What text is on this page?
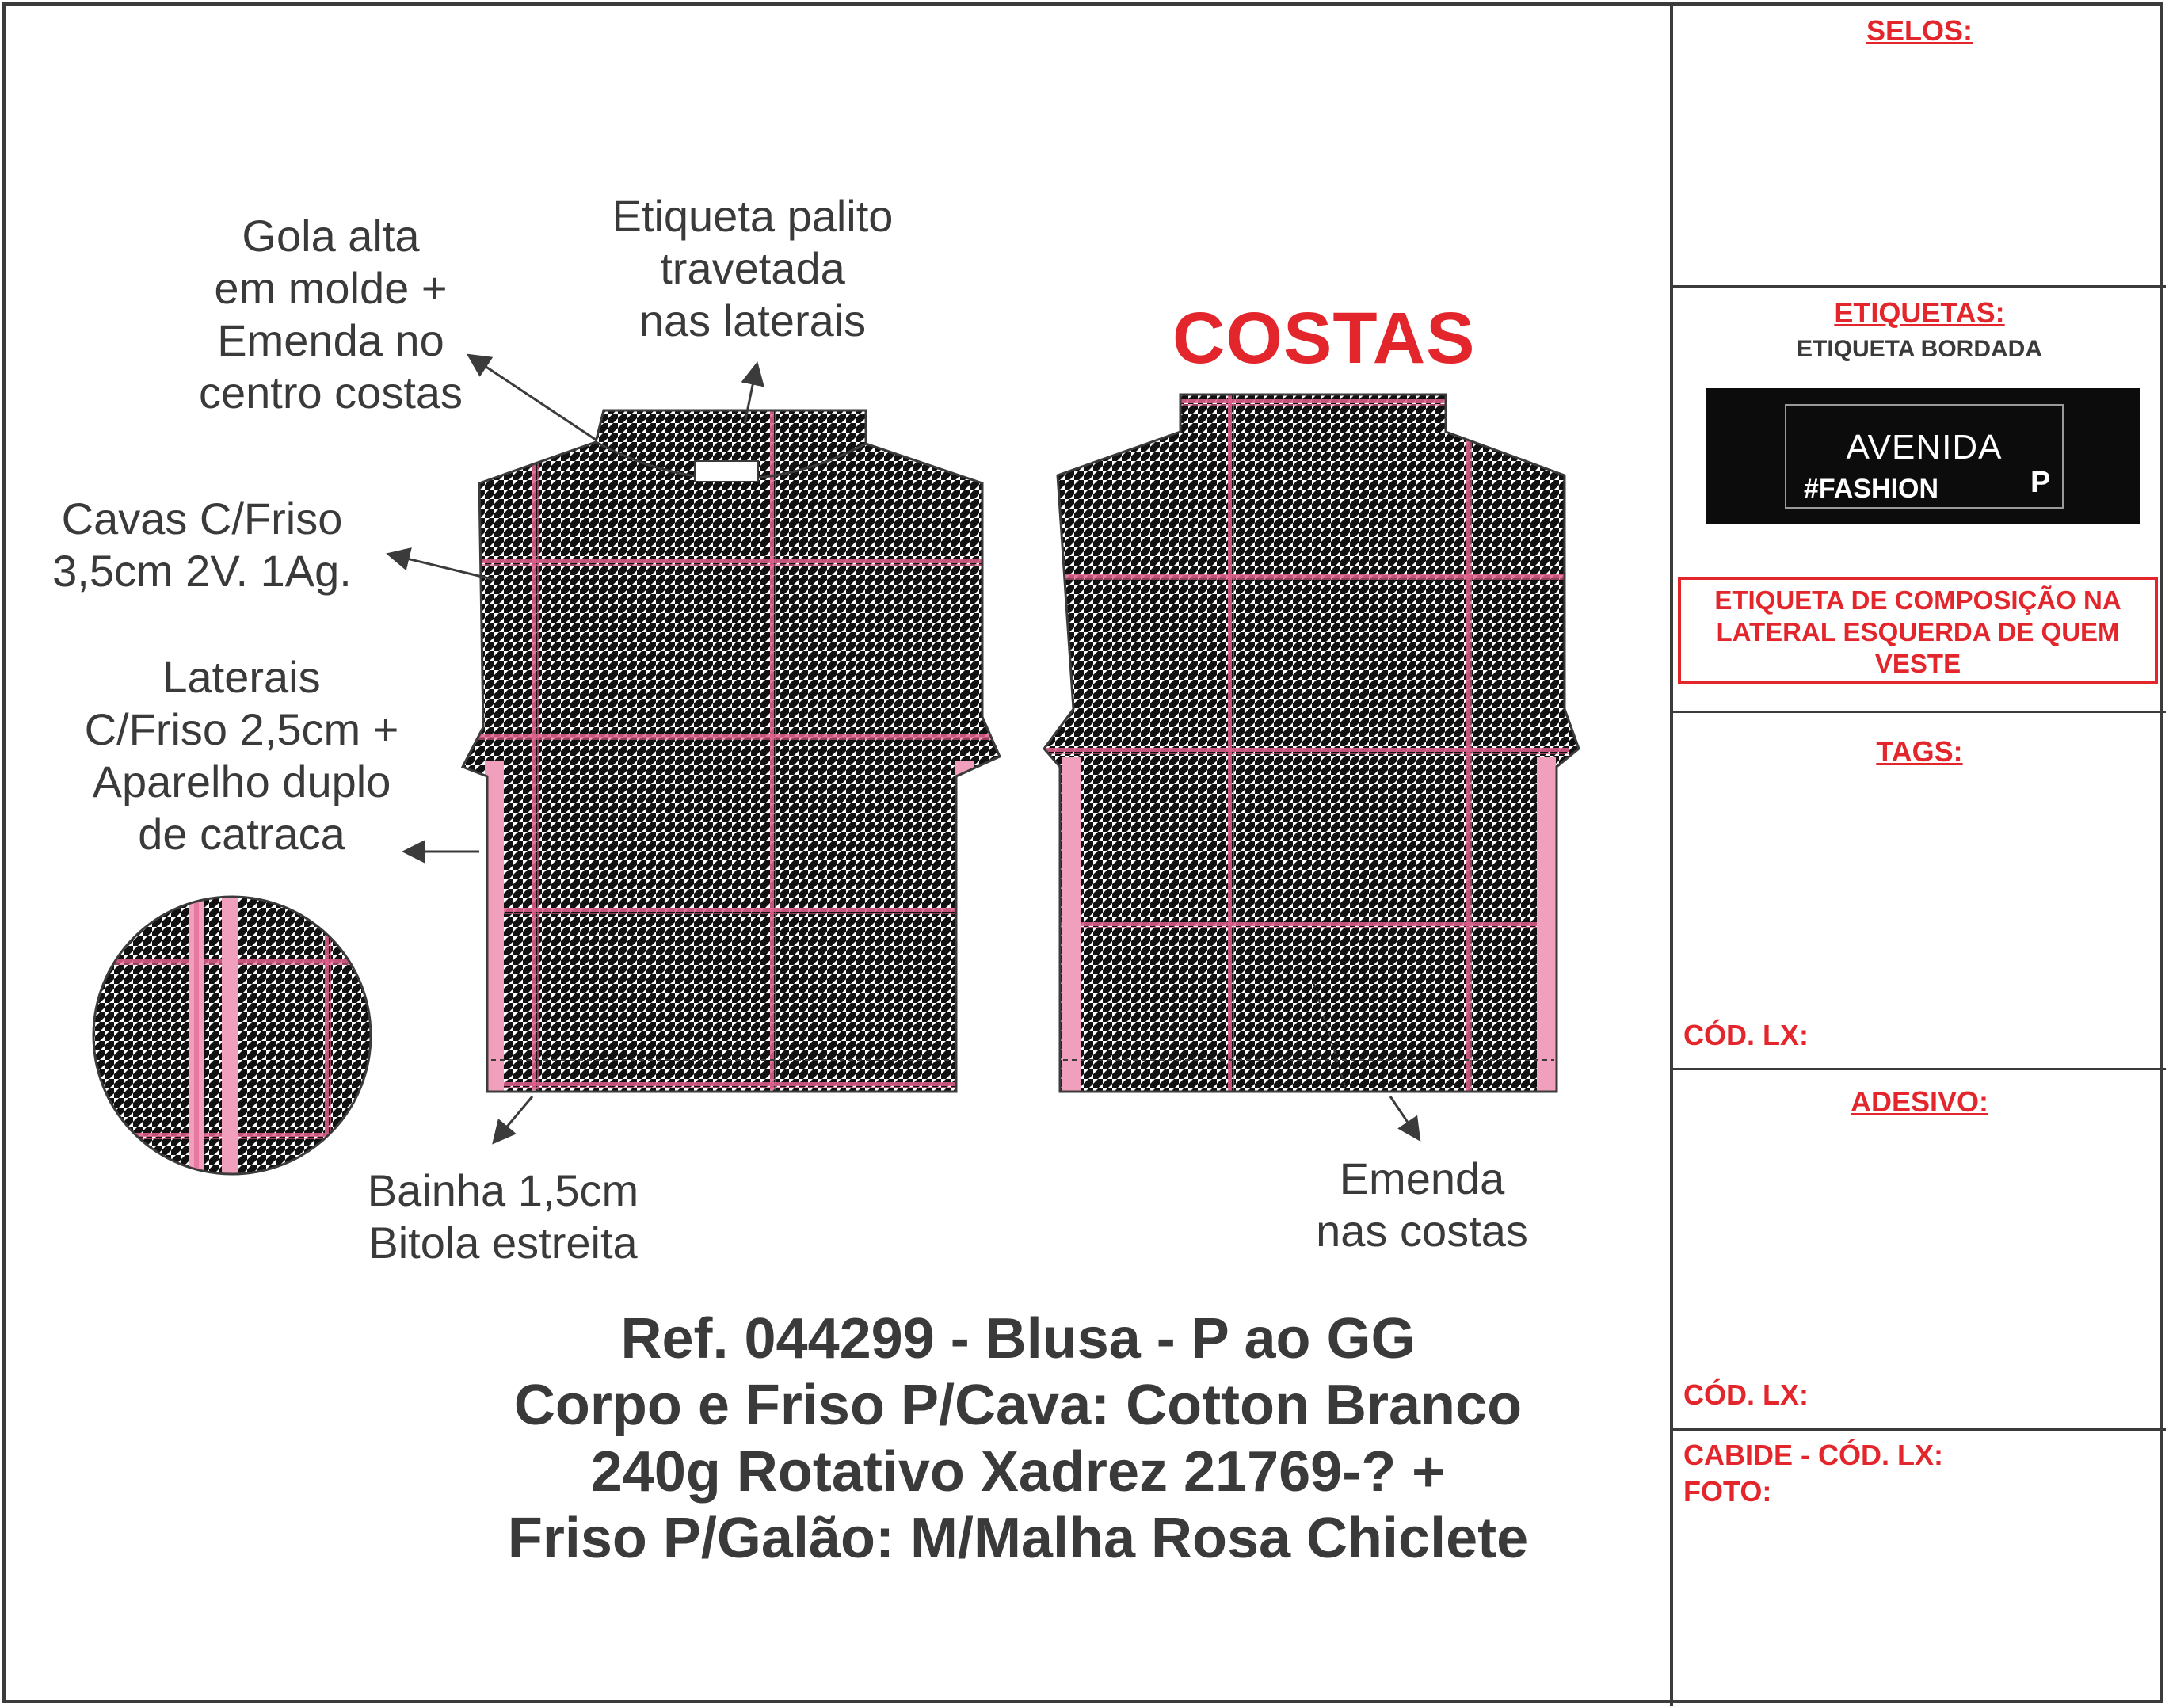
Gola alta
em molde +
Emenda no
centro costas
Etiqueta palito
travetada
nas laterais
Cavas C/Friso
3,5cm 2V. 1Ag.
Laterais
C/Friso 2,5cm +
Aparelho duplo
de catraca
Bainha 1,5cm
Bitola estreita
Emenda
nas costas
COSTAS
Ref. 044299 - Blusa - P ao GG
Corpo e Friso P/Cava: Cotton Branco
240g Rotativo Xadrez 21769-? +
Friso P/Galão: M/Malha Rosa Chiclete
SELOS:
ETIQUETAS:
ETIQUETA BORDADA
AVENIDA
#FASHION	P
ETIQUETA DE COMPOSIÇÃO NA
LATERAL ESQUERDA DE QUEM
VESTE
TAGS:
CÓD. LX:
ADESIVO:
CÓD. LX:
CABIDE - CÓD. LX:
FOTO:
